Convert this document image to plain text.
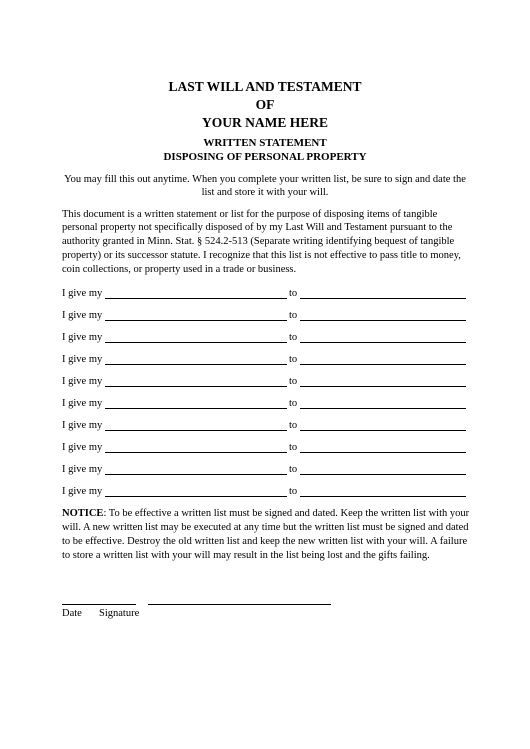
LAST WILL AND TESTAMENT
OF
YOUR NAME HERE
WRITTEN STATEMENT
DISPOSING OF PERSONAL PROPERTY
You may fill this out anytime. When you complete your written list, be sure to sign and date the
list and store it with your will.
This document is a written statement or list for the purpose of disposing items of tangible
personal property not specifically disposed of by my Last Will and Testament pursuant to the
authority granted in Minn. Stat. § 524.2-513 (Separate writing identifying bequest of tangible
property) or its successor statute. I recognize that this list is not effective to pass title to money,
coin collections, or property used in a trade or business.
I give my	to
I give my	to
I give my	to
I give my	to
I give my	to
I give my	to
I give my	to
I give my	to
I give my	to
I give my	to
NOTICE: To be effective a written list must be signed and dated. Keep the written list with your
will. A new written list may be executed at any time but the written list must be signed and dated
to be effective. Destroy the old written list and keep the new written list with your will. A failure
to store a written list with your will may result in the list being lost and the gifts failing.
Date Signature
